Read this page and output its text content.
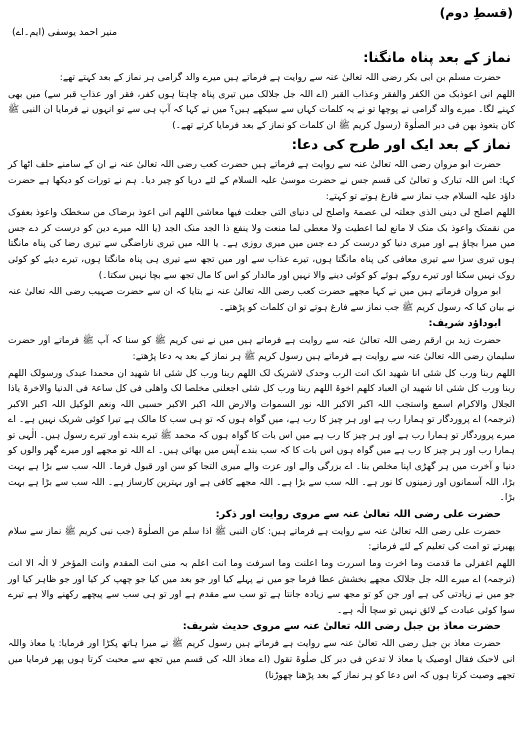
(قسطِ دوم)
منیر احمد یوسفی (ایم۔اے)
نماز کے بعد پناہ مانگنا:

حضرت مسلم بن ابی بکر رضی اللہ تعالیٰ عنہ سے روایت ہے فرماتے ہیں میرے والد گرامی ہر نماز کے بعد کہتے تھے:

اللھم انی اعوذبک من الکفر والفقر وعذاب القبر (اے اللہ جل جلالک میں تیری پناہ چاہتا ہوں کفر، فقر اور عذابِ قبر سے) میں بھی کہنے لگا۔ میرے والد گرامی نے پوچھا تو نے یہ کلمات کہاں سے سیکھے ہیں؟ میں نے کہا کہ آپ ہی سے تو انہوں نے فرمایا ان النبی ﷺ کان یتعوذ بھن فی دبر الصلٰوۃ (رسول کریم ﷺ ان کلمات کو نماز کے بعد فرمایا کرتے تھے۔)

نماز کے بعد ایک اور طرح کی دعا:

حضرت ابو مروان رضی اللہ تعالیٰ عنہ سے روایت ہے فرماتے ہیں حضرت کعب رضی اللہ تعالیٰ عنہ نے ان کے سامنے حلف اٹھا کر کہا: اس اللہ تبارک و تعالیٰ کی قسم جس نے حضرت موسیٰ علیہ السلام کے لئے دریا کو چیر دیا۔ ہم نے تورات کو دیکھا ہے حضرت داؤد علیہ السلام جب نماز سے فارغ ہوتے تو کہتے:

اللھم اصلح لی دینی الذی جعلتہ لی عصمۃ واصلح لی دنیای التی جعلت فیھا معاشی اللھم انی اعوذ برضاک من سخطک واعوذ بعفوک من نقمتک واعوذ بک منک لا مانع لما اعطیت ولا معطی لما منعت ولا ینفع ذا الجد منک الجد (یا اللہ میرے دین کو درست کر دے جس میں میرا بچاؤ ہے اور میری دنیا کو درست کر دے جس میں میری روزی ہے۔ یا اللہ میں تیری ناراضگی سے تیری رضا کی پناہ مانگتا ہوں تیری سزا سے تیری معافی کی پناہ مانگتا ہوں، تیرے عذاب سے اور میں تجھ سے تیری ہی پناہ مانگتا ہوں، تیرے دیئے کو کوئی روک نہیں سکتا اور تیرے روکے ہوئے کو کوئی دینے والا نہیں اور مالدار کو اس کا مال تجھ سے بچا نہیں سکتا۔)

ابو مروان فرماتے ہیں میں نے کہا مجھے حضرت کعب رضی اللہ تعالیٰ عنہ نے بتایا کہ ان سے حضرت صہیب رضی اللہ تعالیٰ عنہ نے بیان کیا کہ رسول کریم ﷺ جب نماز سے فارغ ہوتے تو ان کلمات کو پڑھتے۔

ابوداؤد شریف:

حضرت زید بن ارقم رضی اللہ تعالیٰ عنہ سے روایت ہے فرماتے ہیں میں نے نبی کریم ﷺ کو سنا کہ آپ ﷺ فرماتے اور حضرت سلیمان رضی اللہ تعالیٰ عنہ سے روایت ہے فرماتے ہیں رسول کریم ﷺ ہر نماز کے بعد یہ دعا پڑھتے:

اللھم ربنا ورب کل شئی انا شھید انک انت الرب وحدک لاشریک لک اللھم ربنا ورب کل شئی انا شھید ان محمدا عبدک ورسولک اللھم ربنا ورب کل شئی انا شھید ان العباد کلھم اخوۃ اللھم ربنا ورب کل شئی اجعلنی مخلصا لک واھلی فی کل ساعۃ فی الدنیا والاخرۃ یاذا الجلال والاکرام اسمع واستجب اللہ اکبر الاکبر اللہ نور السموات والارض اللہ اکبر الاکبر حسبی اللہ ونعم الوکیل اللہ اکبر الاکبر (ترجمہ) اے پروردگار تو ہمارا رب ہے اور ہر چیز کا رب ہے، میں گواہ ہوں کہ تو ہی سب کا مالک ہے تیرا کوئی شریک نہیں ہے۔ اے میرے پروردگار تو ہمارا رب ہے اور ہر چیز کا رب ہے میں اس بات کا گواہ ہوں کہ محمد ﷺ تیرے بندے اور تیرے رسول ہیں۔ الٰہی تو ہمارا رب اور ہر چیز کا رب ہے میں گواہ ہوں اس بات کا کہ سب بندے آپس میں بھائی ہیں۔ اے اللہ تو مجھے اور میرے گھر والوں کو دنیا و آخرت میں ہر گھڑی اپنا مخلص بنا۔ اے بزرگی والے اور عزت والے میری التجا کو سن اور قبول فرما۔ اللہ سب سے بڑا ہے بہت بڑا، اللہ آسمانوں اور زمینوں کا نور ہے۔ اللہ سب سے بڑا ہے۔ اللہ مجھے کافی ہے اور بہترین کارساز ہے۔ اللہ سب سے بڑا ہے بہت بڑا۔

حضرت علی رضی اللہ تعالیٰ عنہ سے مروی روایت اور ذکر:

حضرت علی رضی اللہ تعالیٰ عنہ سے روایت ہے فرماتے ہیں: کان النبی ﷺ اذا سلم من الصلٰوۃ (جب نبی کریم ﷺ نماز سے سلام پھیرتے تو امت کی تعلیم کے لئے فرماتے:

اللھم اغفرلی ما قدمت وما اخرت وما اسررت وما اعلنت وما اسرفت وما انت اعلم بہ منی انت المقدم وانت المؤخر لا الٰہ الا انت (ترجمہ) اے میرے اللہ جل جلالک مجھے بخشش عطا فرما جو میں نے پہلے کیا اور جو بعد میں کیا جو چھپ کر کیا اور جو ظاہر کیا اور جو میں نے زیادتی کی ہے اور جن کو تو مجھ سے زیادہ جانتا ہے تو سب سے مقدم ہے اور تو ہی سب سے پیچھے رکھنے والا ہے تیرے سوا کوئی عبادت کے لائق نہیں تو سچا الٰہ ہے۔

حضرت معاذ بن جبل رضی اللہ تعالیٰ عنہ سے مروی حدیث شریف:

حضرت معاذ بن جبل رضی اللہ تعالیٰ عنہ سے روایت ہے فرماتے ہیں رسول کریم ﷺ نے میرا ہاتھ پکڑا اور فرمایا: یا معاذ واللہ انی لاحبک فقال اوصیک یا معاذ لا تدعن فی دبر کل صلٰوۃ تقول (اے معاذ اللہ کی قسم میں تجھ سے محبت کرتا ہوں پھر فرمایا میں تجھے وصیت کرتا ہوں کہ اس دعا کو ہر نماز کے بعد پڑھنا چھوڑنا)
